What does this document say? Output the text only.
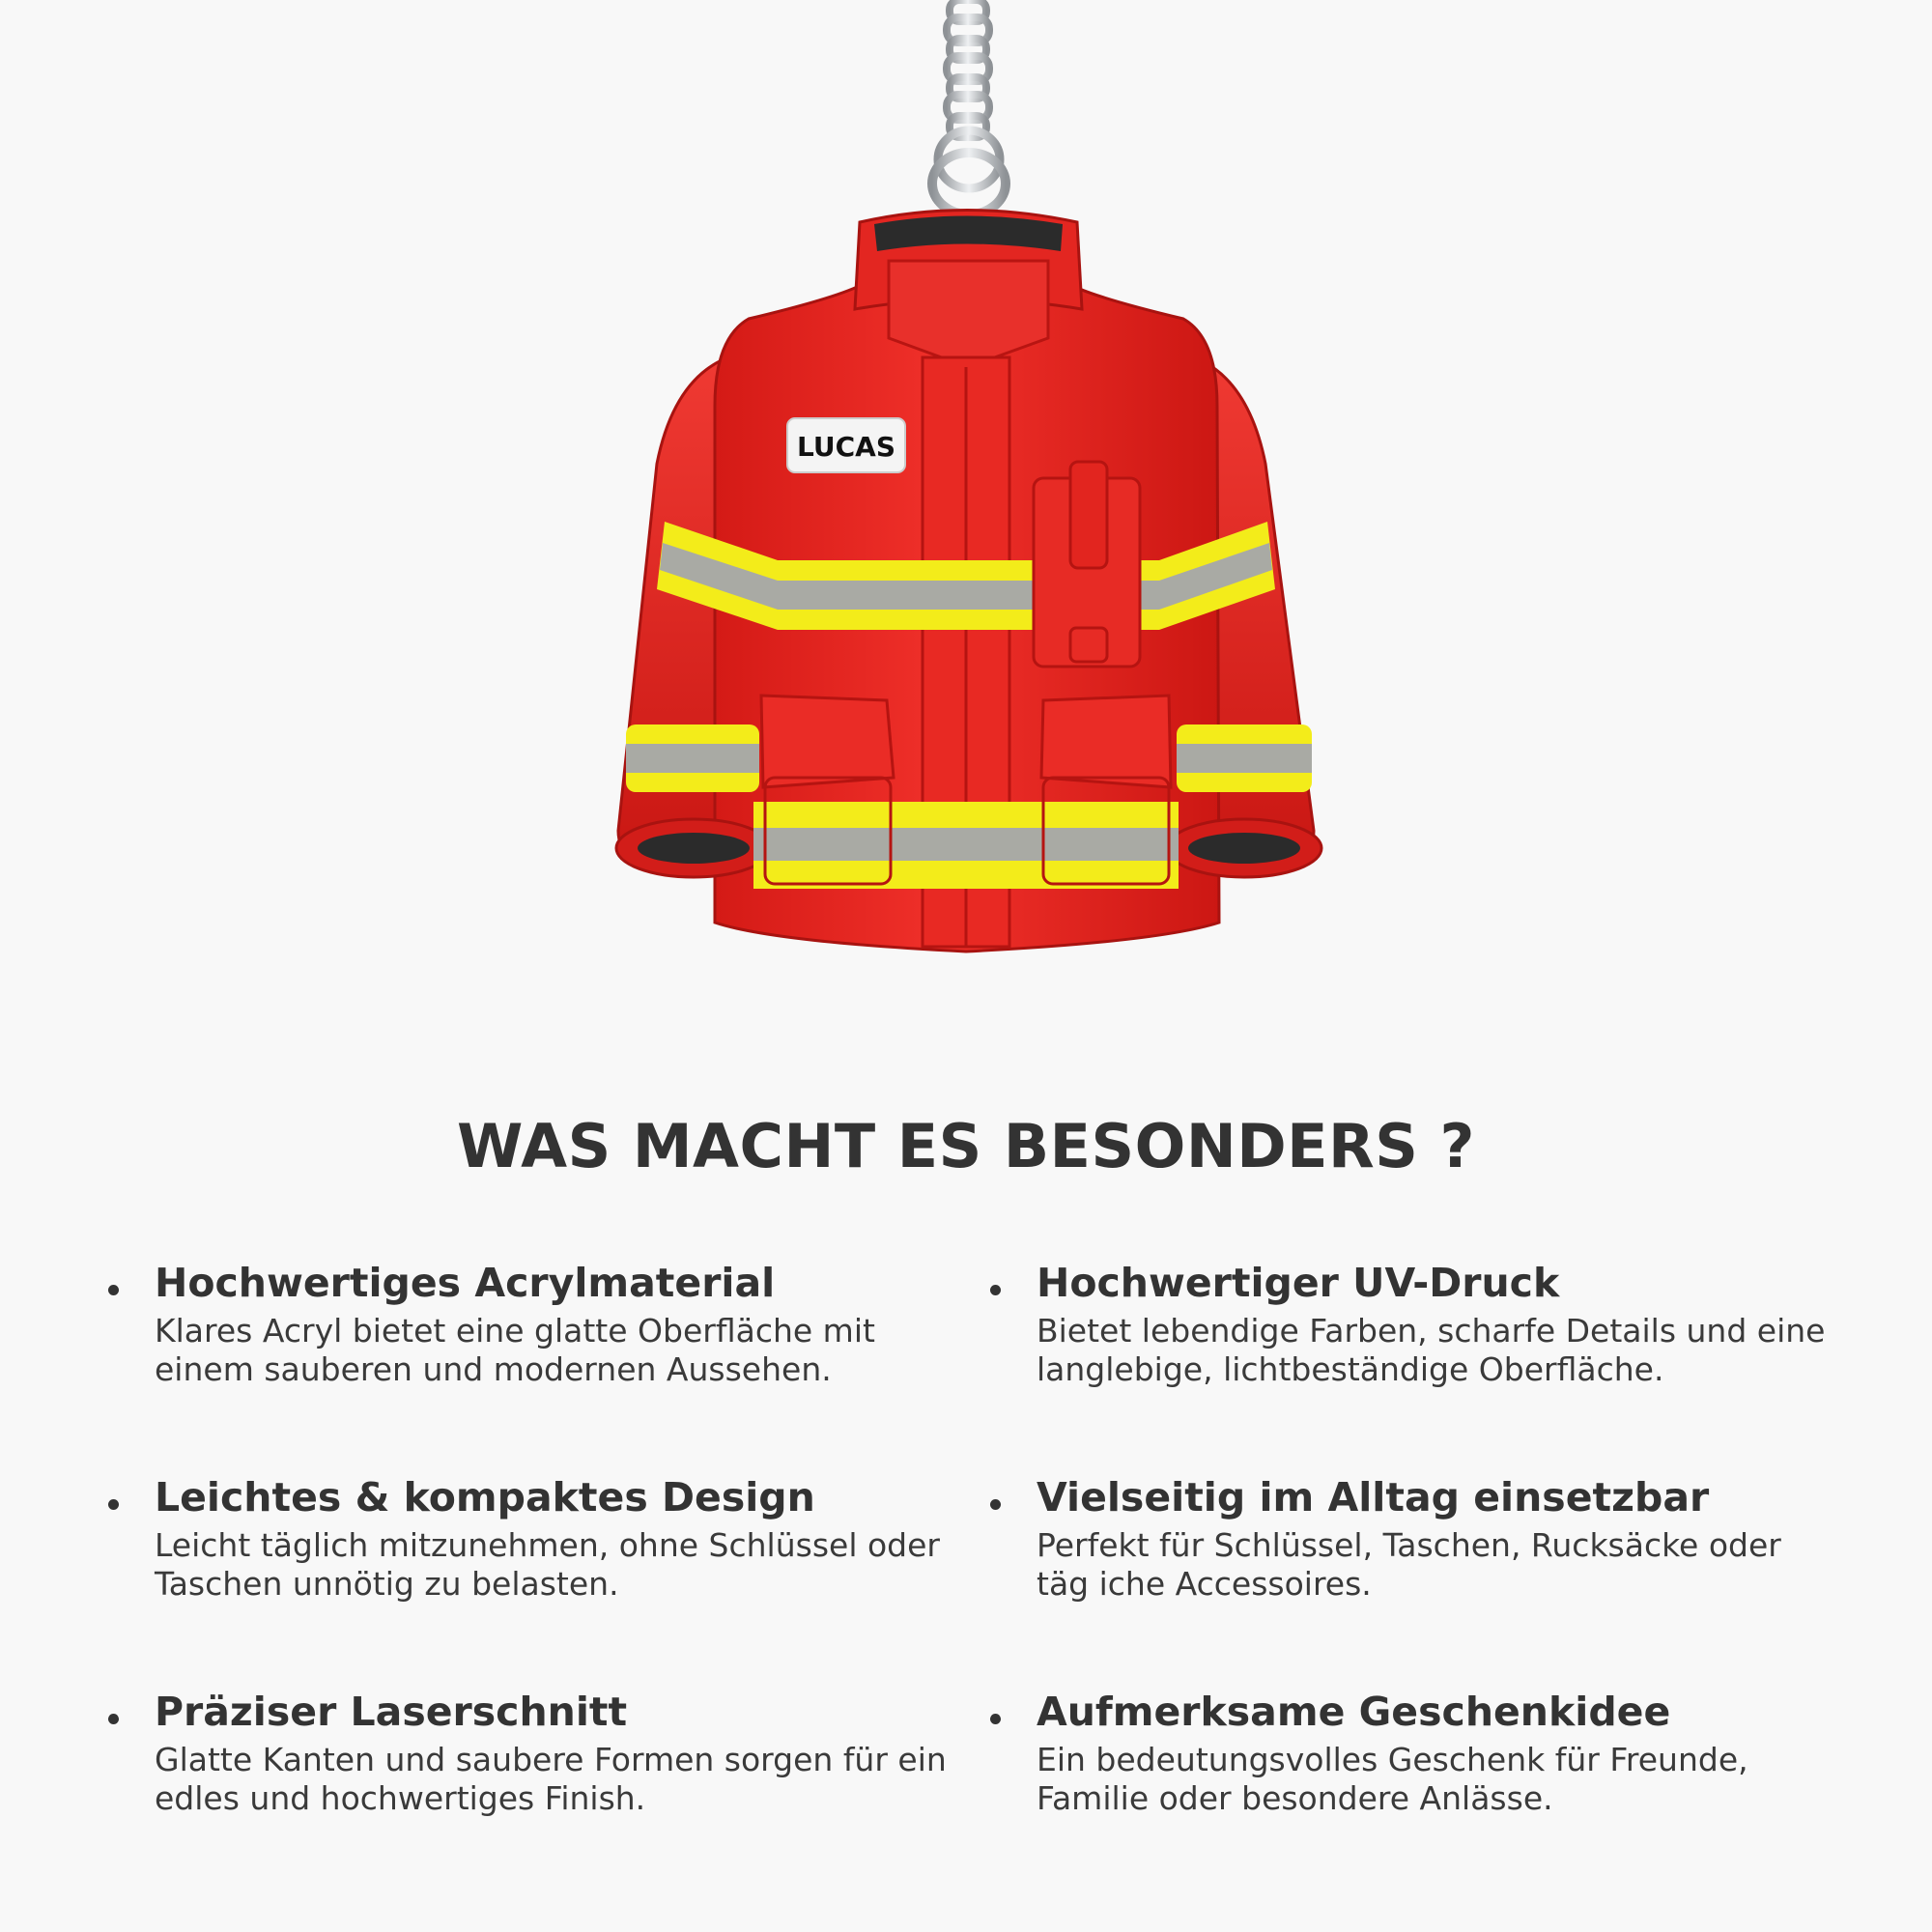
LUCAS
WAS MACHT ES BESONDERS ?
Hochwertiges Acrylmaterial

Klares Acryl bietet eine glatte Oberfläche mit einem sauberen und modernen Aussehen.

Hochwertiger UV-Druck

Bietet lebendige Farben, scharfe Details und eine langlebige, lichtbeständige Oberfläche.

Leichtes & kompaktes Design

Leicht täglich mitzunehmen, ohne Schlüssel oder Taschen unnötig zu belasten.

Vielseitig im Alltag einsetzbar

Perfekt für Schlüssel, Taschen, Rucksäcke oder täg iche Accessoires.

Präziser Laserschnitt

Glatte Kanten und saubere Formen sorgen für ein edles und hochwertiges Finish.

Aufmerksame Geschenkidee

Ein bedeutungsvolles Geschenk für Freunde, Familie oder besondere Anlässe.
